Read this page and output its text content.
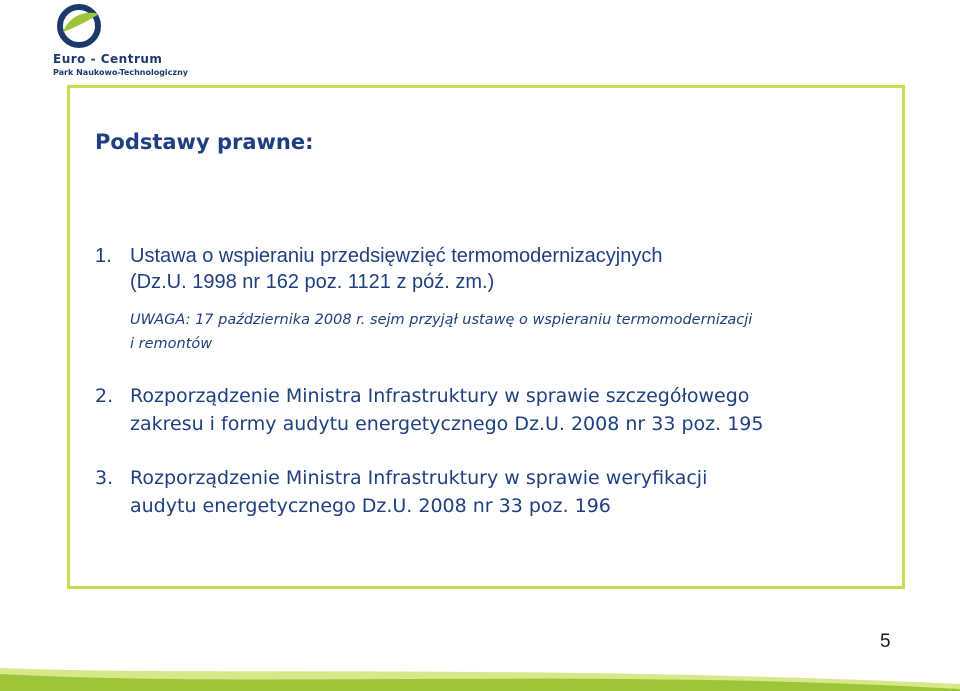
Euro - Centrum
Park Naukowo-Technologiczny
Podstawy prawne:
1. Ustawa o wspieraniu przedsięwzięć termomodernizacyjnych
(Dz.U. 1998 nr 162 poz. 1121 z póź. zm.)
UWAGA: 17 października 2008 r. sejm przyjął ustawę o wspieraniu termomodernizacji
i remontów
2. Rozporządzenie Ministra Infrastruktury w sprawie szczegółowego
zakresu i formy audytu energetycznego Dz.U. 2008 nr 33 poz. 195
3. Rozporządzenie Ministra Infrastruktury w sprawie weryfikacji
audytu energetycznego Dz.U. 2008 nr 33 poz. 196
5
